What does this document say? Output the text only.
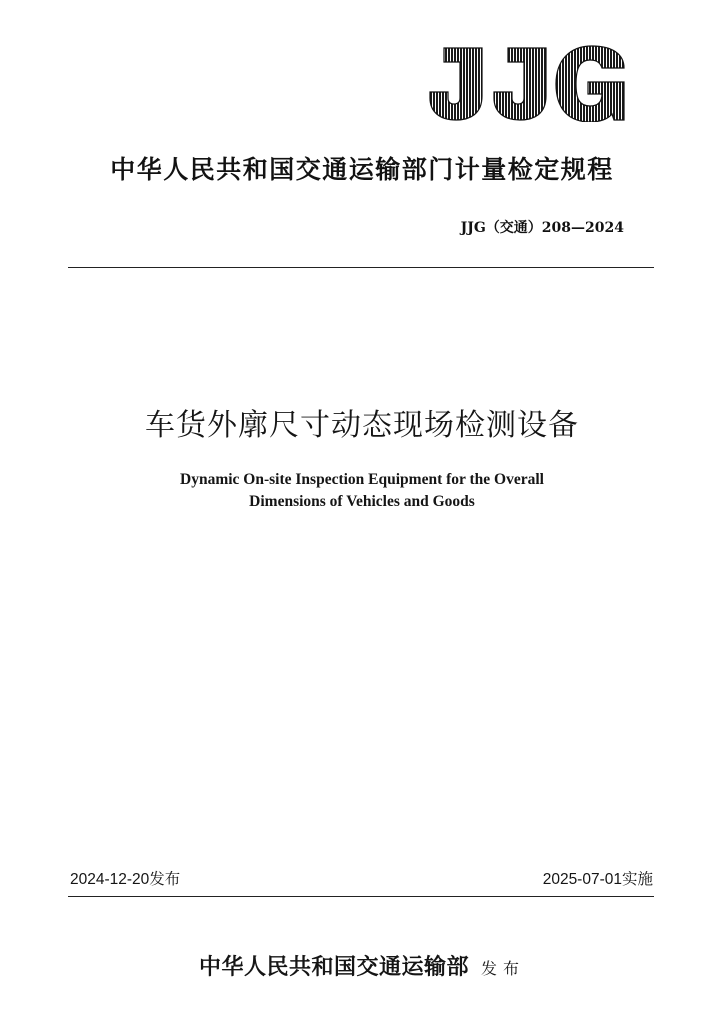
中华人民共和国交通运输部门计量检定规程
JJG（交通）208—2024
车货外廓尺寸动态现场检测设备
Dynamic On-site Inspection Equipment for the Overall
Dimensions of Vehicles and Goods
2024-12-20发布	2025-07-01实施
中华人民共和国交通运输部 发布
